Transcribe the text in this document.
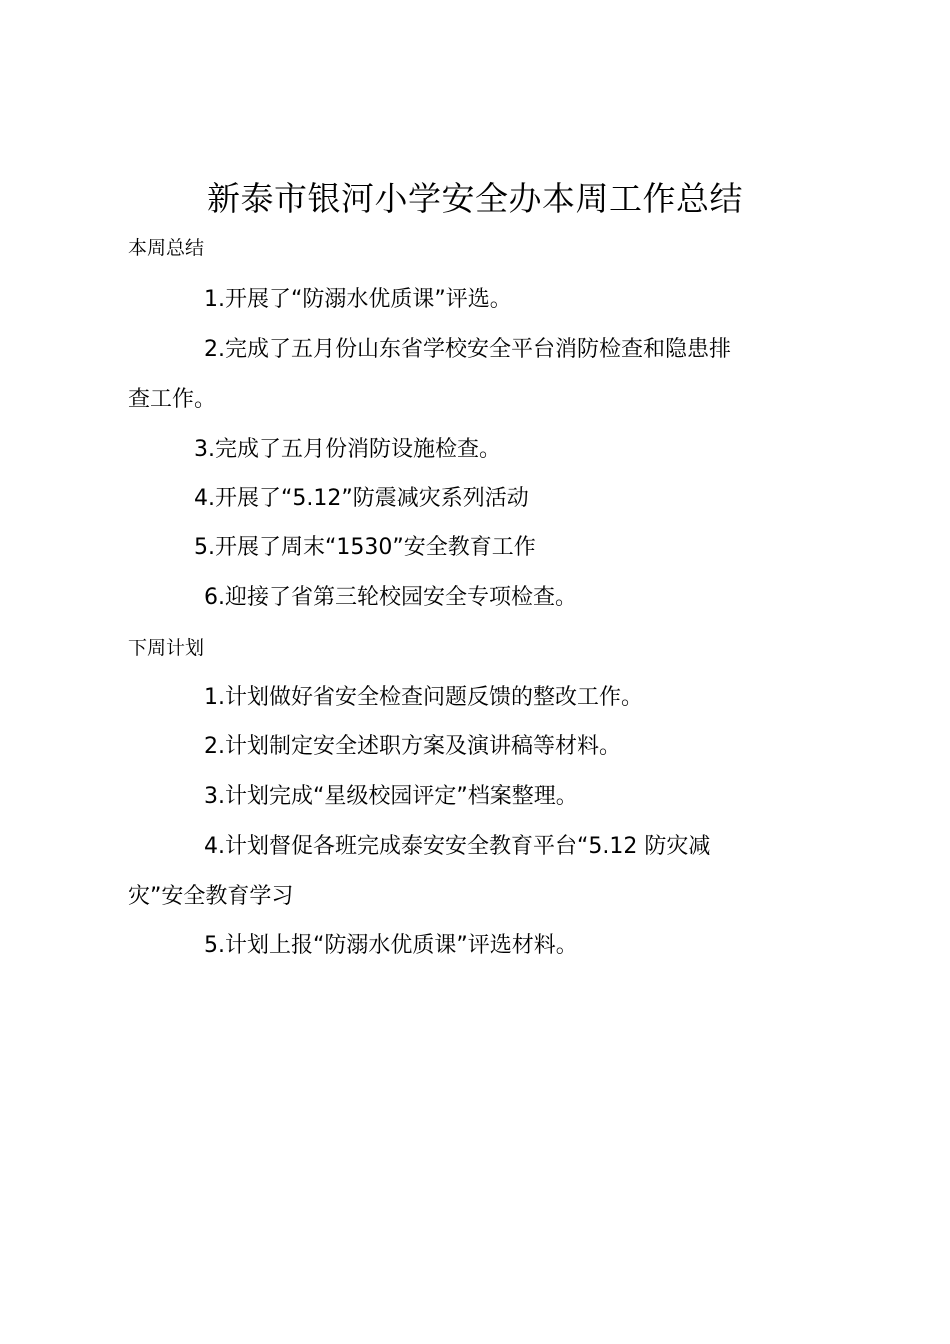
新泰市银河小学安全办本周工作总结
本周总结
1.开展了“防溺水优质课”评选。
2.完成了五月份山东省学校安全平台消防检查和隐患排
查工作。
3.完成了五月份消防设施检查。
4.开展了“5.12”防震减灾系列活动
5.开展了周末“1530”安全教育工作
6.迎接了省第三轮校园安全专项检查。
下周计划
1.计划做好省安全检查问题反馈的整改工作。
2.计划制定安全述职方案及演讲稿等材料。
3.计划完成“星级校园评定”档案整理。
4.计划督促各班完成泰安安全教育平台“5.12 防灾减
灾”安全教育学习
5.计划上报“防溺水优质课”评选材料。
